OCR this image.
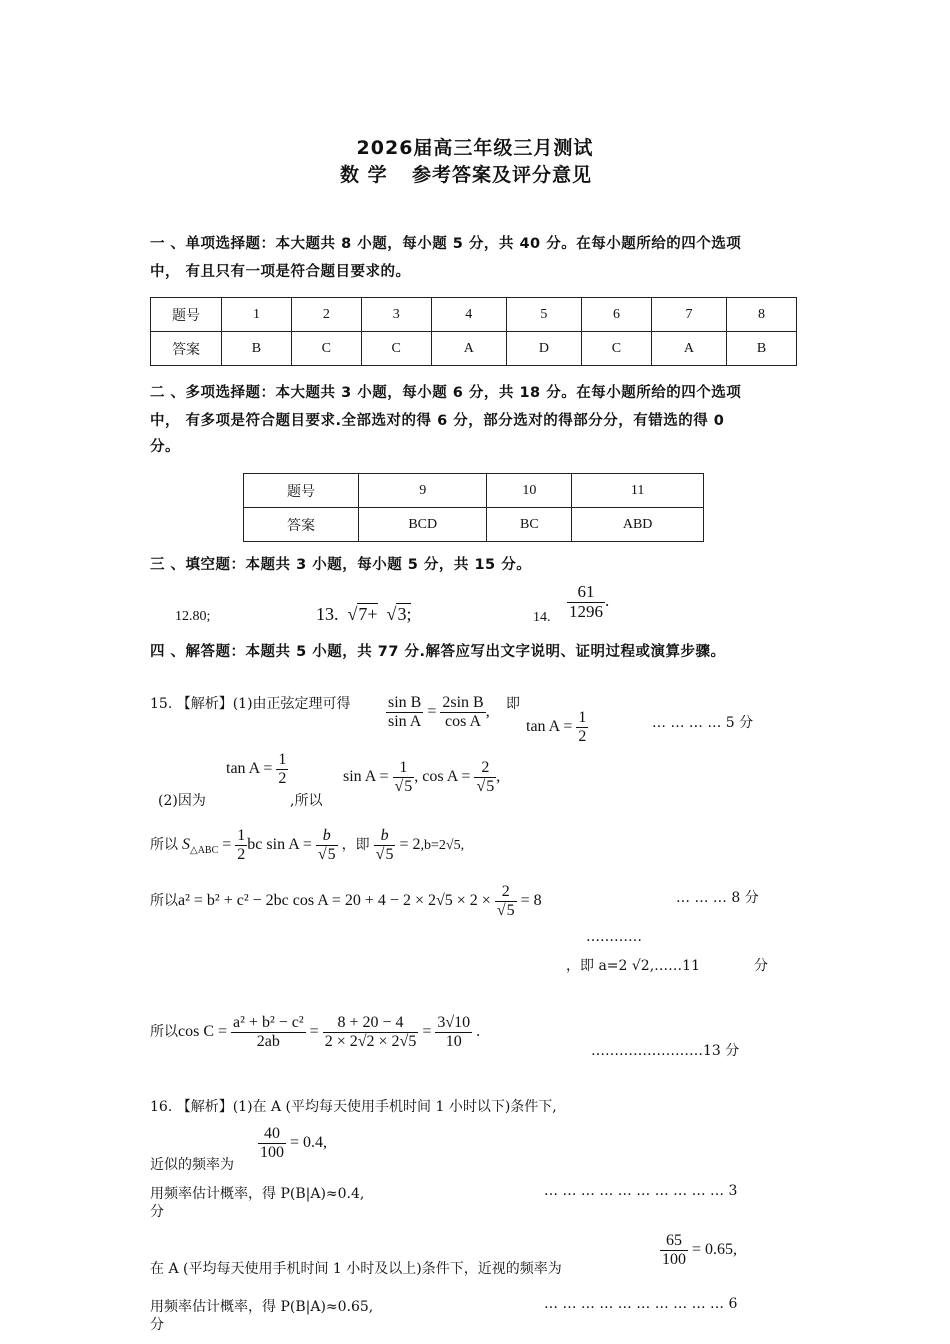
2026届高三年级三月测试
数 学 参考答案及评分意见
一 、单项选择题：本大题共 8 小题，每小题 5 分，共 40 分。在每小题所给的四个选项
中， 有且只有一项是符合题目要求的。
题号	1	2	3	4	5	6	7	8
答案	B	C	C	A	D	C	A	B
二 、多项选择题：本大题共 3 小题，每小题 6 分，共 18 分。在每小题所给的四个选项
中， 有多项是符合题目要求.全部选对的得 6 分，部分选对的得部分分，有错选的得 0
分。
题号	9	10	11
答案	BCD	BC	ABD
三 、填空题：本题共 3 小题，每小题 5 分，共 15 分。
12.80;	13.  √7+  √3;	14. $\frac{61}{1296}$ .
四 、解答题：本题共 5 小题，共 77 分.解答应写出文字说明、证明过程或演算步骤。
15. 【解析】(1)由正弦定理可得 $\frac{\text{sin B}}{\text{sin A}} = \frac{\text{2sin B}}{\text{cos A}}$ , 即
$\tan A = \frac{1}{2}$	… … … … 5 分
$\tan A = \frac{1}{2}$
(2)因为	,所以
$\sin A = \frac{1}{√5}$ , $\cos A = \frac{2}{√5}$ ,
所以 $S_{\triangle ABC} = \frac{1}{2}$ bc $\sin A = \frac{b}{√5}$ ，即 $\frac{b}{√5} = 2,b=2√5$,
所以a² = b² + c² − 2bc $\cos A = 20 + 4 - 2 \times 2√5 \times 2 \times \frac{2}{√5} = 8$	… … … 8 分
…………
，即 a=2 √2,……11	分
所以$\cos C = \frac{\text{a² + b² − c²}}{2ab} = \frac{8 + 20 - 4}{2 \times 2√2 \times 2√5} = \frac{3√10}{10}$ .
……………………13 分
16. 【解析】(1)在 A (平均每天使用手机时间 1 小时以下)条件下,
$\frac{40}{100} = 0.4$,
近似的频率为
用频率估计概率，得 P(B|A)≈0.4,	… … … … … … … … … … 3
分
在 A (平均每天使用手机时间 1 小时及以上)条件下，近视的频率为
$\frac{65}{100} = 0.65$,
用频率估计概率，得 P(B|A)≈0.65,	… … … … … … … … … … 6
分
